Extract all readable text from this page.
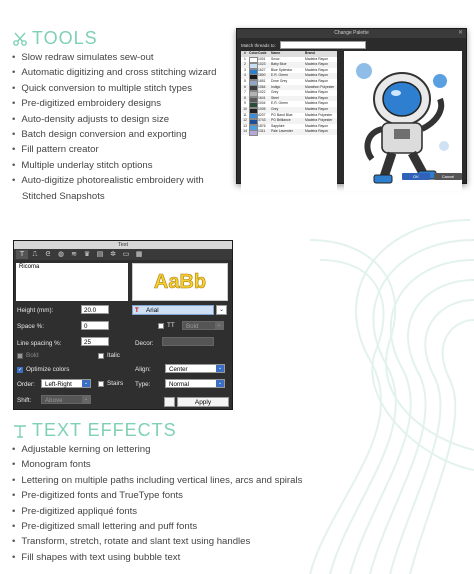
TOOLS
• Slow redraw simulates sew-out
• Automatic digitizing and cross stitching wizard
• Quick conversion to multiple stitch types
• Pre-digitized embroidery designs
• Auto-density adjusts to design size
• Batch design conversion and exporting
• Fill pattern creator
• Multiple underlay stitch options
• Auto-digitize photorealistic embroidery with
Stitched Snapshots
Change Palette	✕
Match threads to:
# Color Code	Name	Brand
1	1001	Snow	Madeira Rayon
2	1023	Baby Blue	Madeira Rayon
3	1627	Blue Splendor	Madeira Rayon
4	1800	E.R. Green	Madeira Rayon
5	1651	Dove Grey	Madeira Rayon
6	1064	Indigo	Marathon Polyester
7	1022	Grey	Madeira Rayon
8	1641	Steel	Madeira Rayon
9	1004	E.R. Green	Madeira Rayon
10	1005	Grey	Madeira Rayon
11	4207	PG Band Blue	Madeira Polyester
12	3743	PG Brilliance	Madeira Polyester
13	1876	Sapphire	Madeira Rayon
14	1311	Pale Lavender	Madeira Rayon
OK	Cancel
Text
T	⎍	ᘓ	◍	≋ ♛ ▤ ✲ ▭ ▦
Ricoma
AaBb
Height (mm):	20.0	T Arial	⌄
Space %:	0	TT	Bold	⌄
Line spacing %:	25	Decor:
Bold	Italic
✓ Optimize colors	Align:	Center	⌄
Order:	Left-Right	⌄	Stairs Type:	Normal	⌄
Shift:	Above	⌄	Apply
TEXT EFFECTS
• Adjustable kerning on lettering
• Monogram fonts
• Lettering on multiple paths including vertical lines, arcs and spirals
• Pre-digitized fonts and TrueType fonts
• Pre-digitized appliqué fonts
• Pre-digitized small lettering and puff fonts
• Transform, stretch, rotate and slant text using handles
• Fill shapes with text using bubble text
